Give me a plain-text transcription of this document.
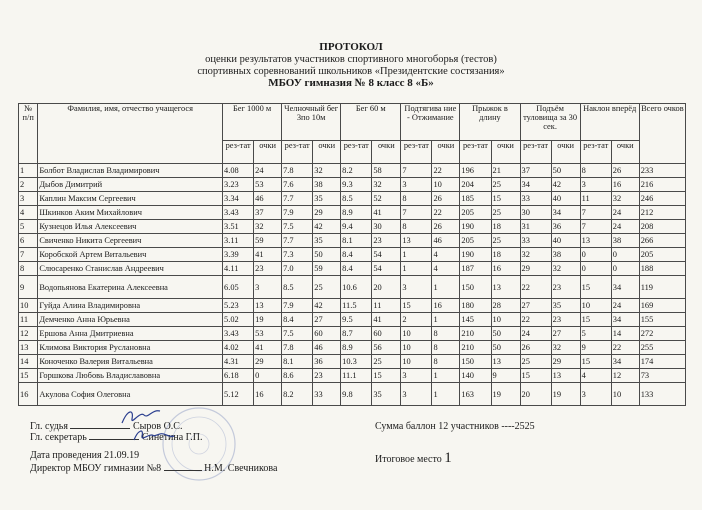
ПРОТОКОЛ
оценки результатов участников спортивного многоборья (тестов)
спортивных соревнований школьников «Президентские состязания»
МБОУ гимназия № 8 класс 8 «Б»
№ п/п	Фамилия, имя, отчество учащегося	Бег 1000 м		Челночный бег 3по 10м		Бег 60 м		Подтягива ние - Отжимание		Прыжок в длину		Подъём туловища за 30 сек.		Наклон вперёд		Всего очков
		рез-тат	очки	рез-тат	очки	рез-тат	очки	рез-тат	очки	рез-тат	очки	рез-тат	очки	рез-тат	очки	
1	Болбот Владислав Владимирович	4.08	24	7.8	32	8.2	58	7	22	196	21	37	50	8	26	233
2	Дыбов Димитрий	3.23	53	7.6	38	9.3	32	3	10	204	25	34	42	3	16	216
3	Каплин Максим Сергеевич	3.34	46	7.7	35	8.5	52	8	26	185	15	33	40	11	32	246
4	Шкинков Аким Михайлович	3.43	37	7.9	29	8.9	41	7	22	205	25	30	34	7	24	212
5	Кузнецов Илья Алексеевич	3.51	32	7.5	42	9.4	30	8	26	190	18	31	36	7	24	208
6	Свиченко Никита Сергеевич	3.11	59	7.7	35	8.1	23	13	46	205	25	33	40	13	38	266
7	Коробской Артем Витальевич	3.39	41	7.3	50	8.4	54	1	4	190	18	32	38	0	0	205
8	Слюсаренко Станислав Андреевич	4.11	23	7.0	59	8.4	54	1	4	187	16	29	32	0	0	188
9	Водопьянова Екатерина Алексеевна	6.05	3	8.5	25	10.6	20	3	1	150	13	22	23	15	34	119
10	Гуйда Алина Владимировна	5.23	13	7.9	42	11.5	11	15	16	180	28	27	35	10	24	169
11	Демченко Анна Юрьевна	5.02	19	8.4	27	9.5	41	2	1	145	10	22	23	15	34	155
12	Ершова Анна Дмитриевна	3.43	53	7.5	60	8.7	60	10	8	210	50	24	27	5	14	272
13	Климова Виктория Руслановна	4.02	41	7.8	46	8.9	56	10	8	210	50	26	32	9	22	255
14	Коноченко Валерия Витальевна	4.31	29	8.1	36	10.3	25	10	8	150	13	25	29	15	34	174
15	Горшкова Любовь Владиславовна	6.18	0	8.6	23	11.1	15	3	1	140	9	15	13	4	12	73
16	Акулова София Олеговна	5.12	16	8.2	33	9.8	35	3	1	163	19	20	19	3	10	133
Гл. судья	Сыров О.С.
Гл. секретарь	Синетина Г.П.
Дата проведения 21.09.19
Директор МБОУ гимназии №8	Н.М. Свечникова
Сумма баллон 12 участников ----2525
Итоговое место 1
